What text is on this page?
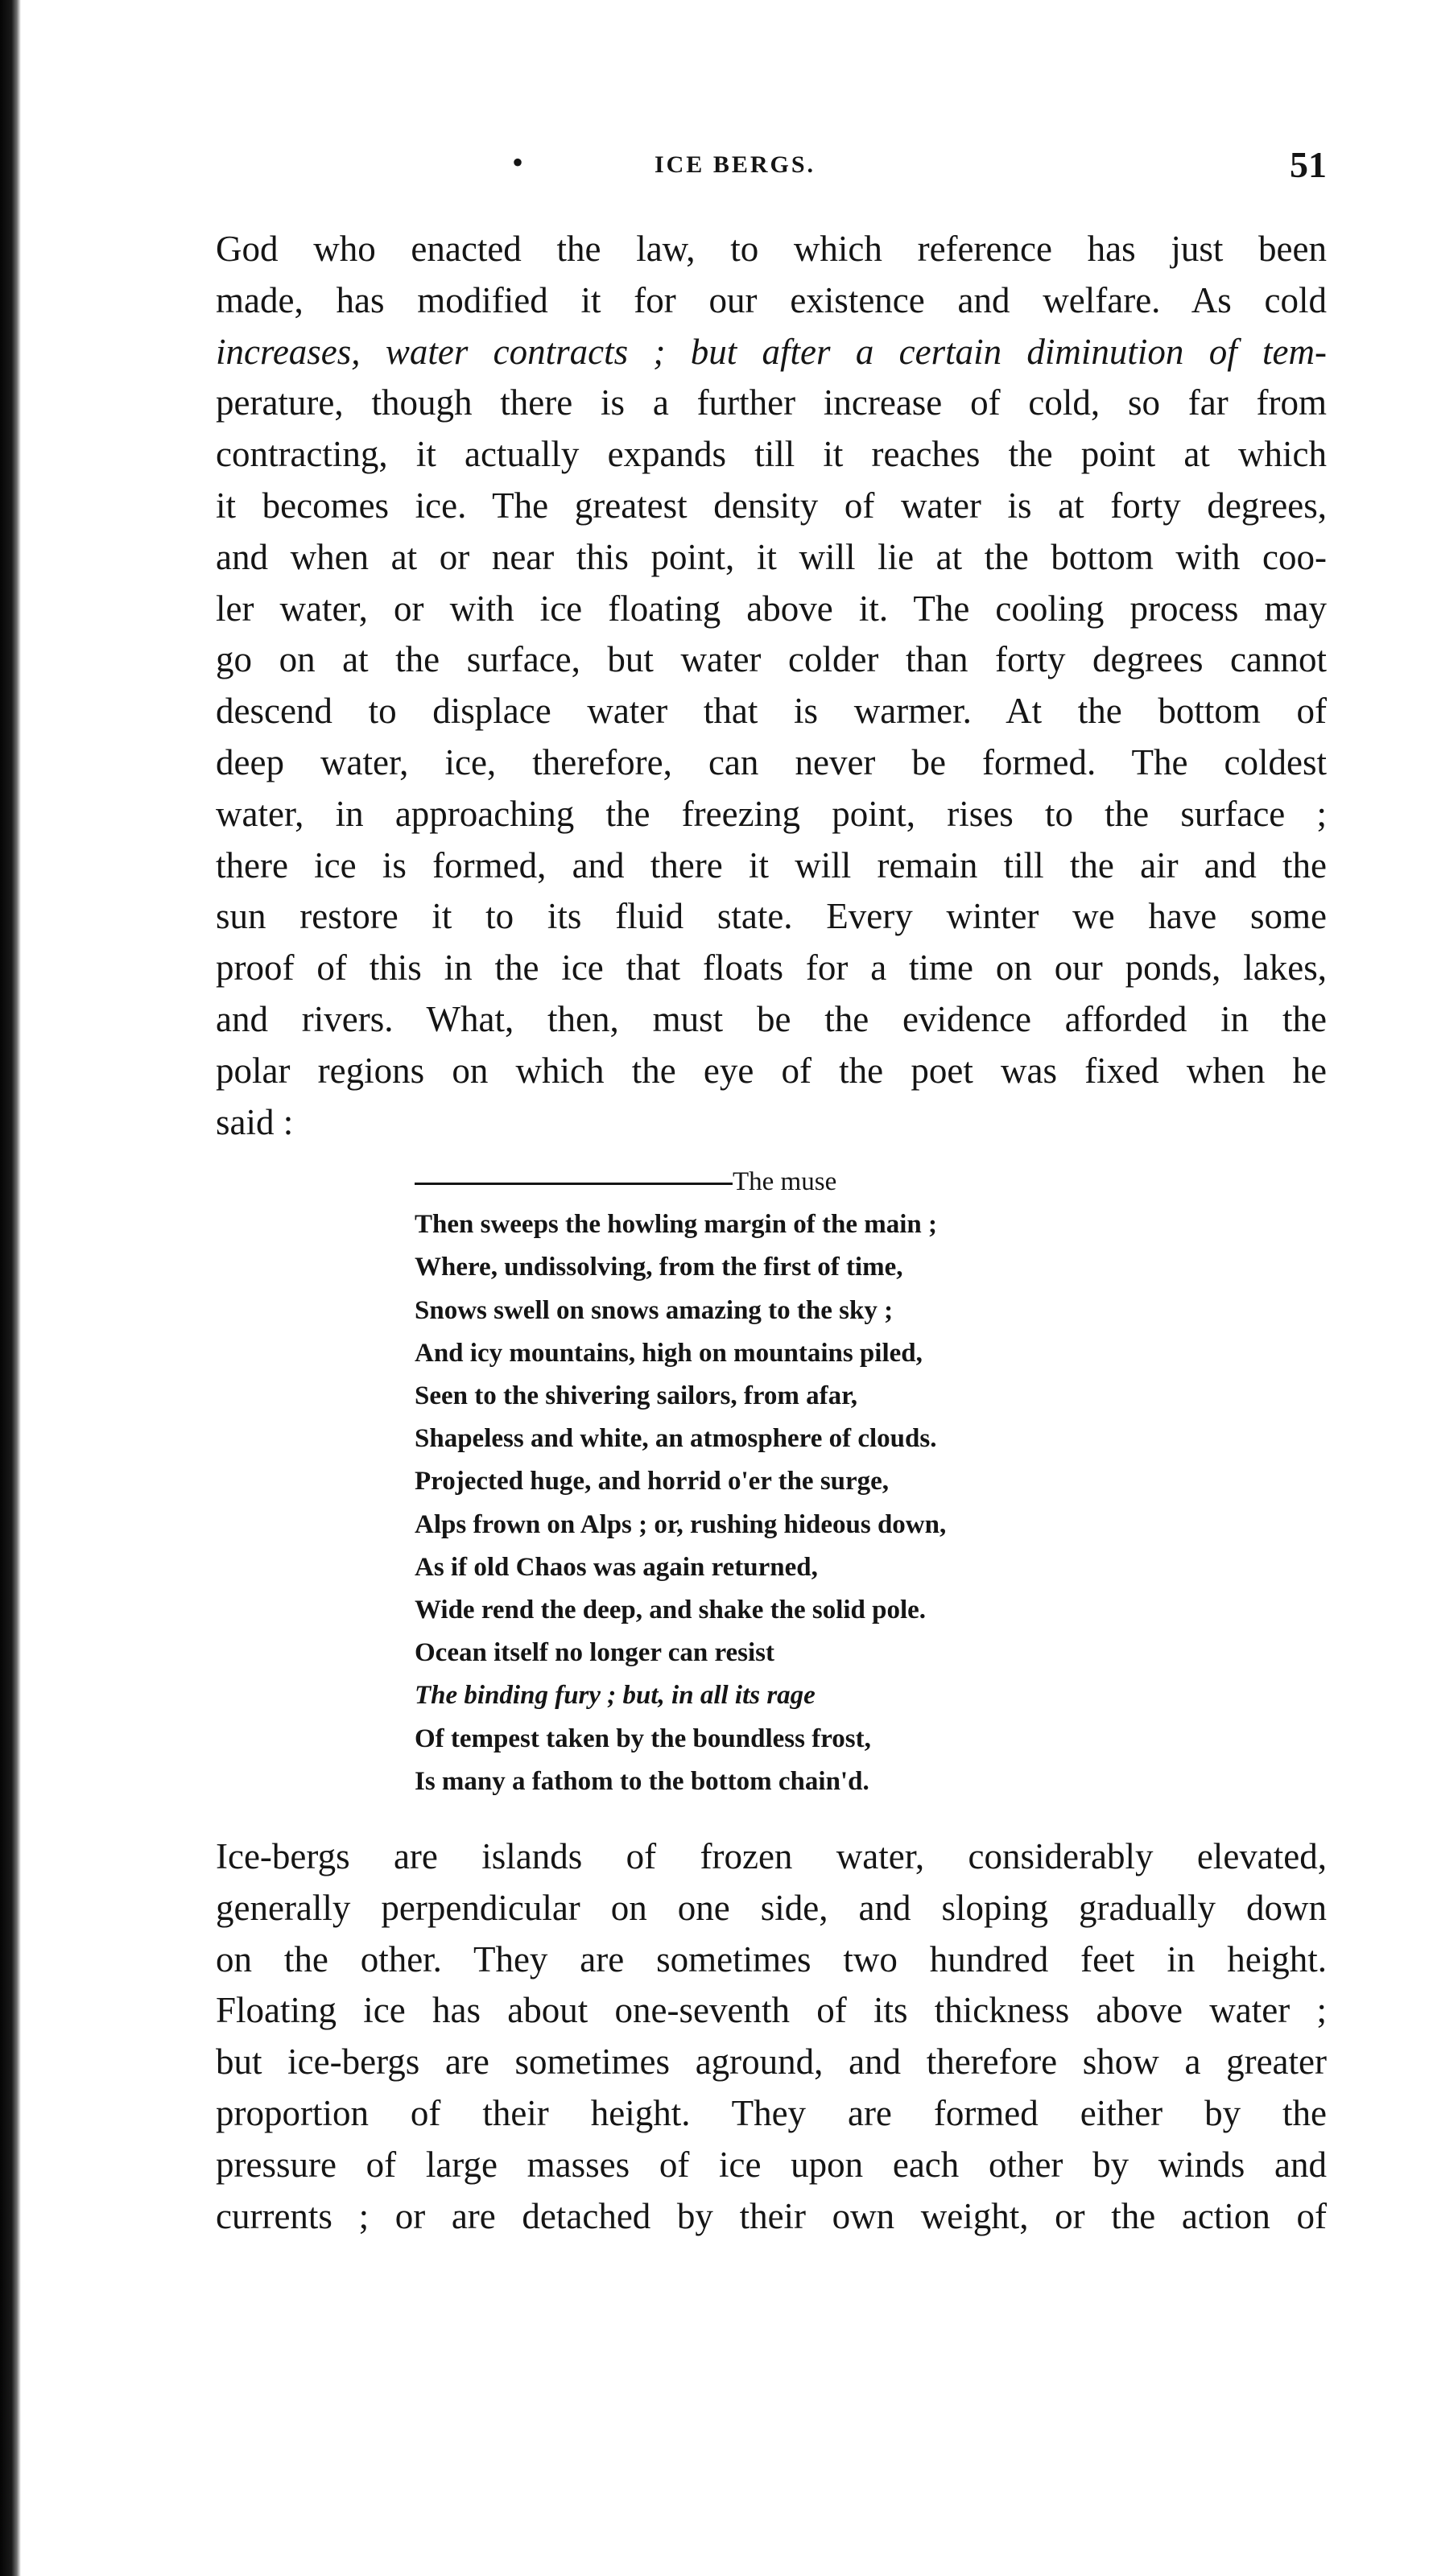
•	ICE BERGS.	51

God who enacted the law, to which reference has just been
made, has modified it for our existence and welfare. As cold
increases, water contracts ; but after a certain diminution of tem-
perature, though there is a further increase of cold, so far from
contracting, it actually expands till it reaches the point at which
it becomes ice. The greatest density of water is at forty degrees,
and when at or near this point, it will lie at the bottom with coo-
ler water, or with ice floating above it. The cooling process may
go on at the surface, but water colder than forty degrees cannot
descend to displace water that is warmer. At the bottom of
deep water, ice, therefore, can never be formed. The coldest
water, in approaching the freezing point, rises to the surface ;
there ice is formed, and there it will remain till the air and the
sun restore it to its fluid state. Every winter we have some
proof of this in the ice that floats for a time on our ponds, lakes,
and rivers. What, then, must be the evidence afforded in the
polar regions on which the eye of the poet was fixed when he
said :

The muse
Then sweeps the howling margin of the main ;
Where, undissolving, from the first of time,
Snows swell on snows amazing to the sky ;
And icy mountains, high on mountains piled,
Seen to the shivering sailors, from afar,
Shapeless and white, an atmosphere of clouds.
Projected huge, and horrid o'er the surge,
Alps frown on Alps ; or, rushing hideous down,
As if old Chaos was again returned,
Wide rend the deep, and shake the solid pole.
Ocean itself no longer can resist
The binding fury ; but, in all its rage
Of tempest taken by the boundless frost,
Is many a fathom to the bottom chain'd.

Ice-bergs are islands of frozen water, considerably elevated,
generally perpendicular on one side, and sloping gradually down
on the other. They are sometimes two hundred feet in height.
Floating ice has about one-seventh of its thickness above water ;
but ice-bergs are sometimes aground, and therefore show a greater
proportion of their height. They are formed either by the
pressure of large masses of ice upon each other by winds and
currents ; or are detached by their own weight, or the action of
